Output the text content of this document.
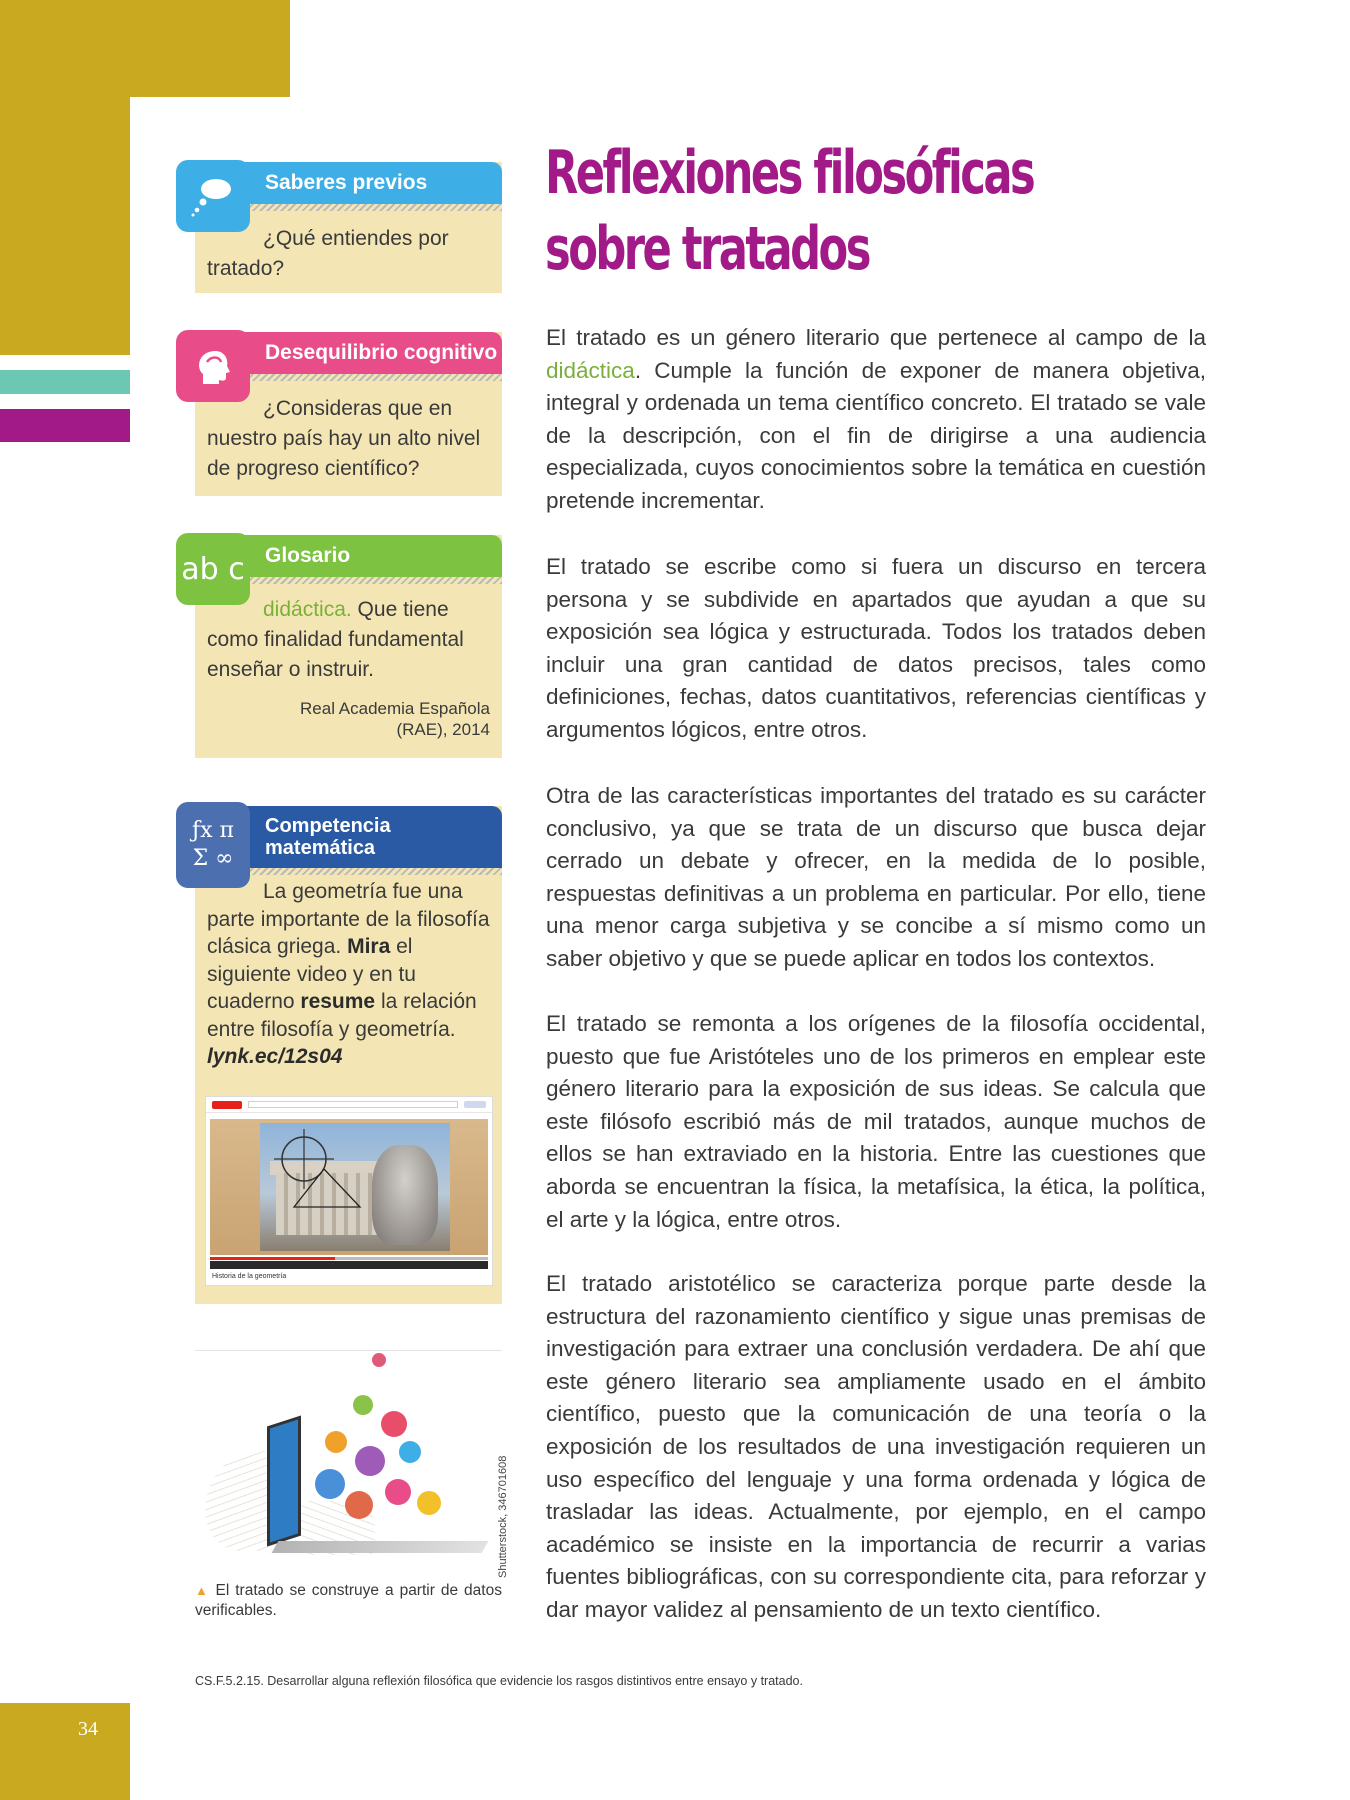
34
Saberes previos
¿Qué entiendes por tratado?
Desequilibrio cognitivo
¿Consideras que en nuestro país hay un alto nivel de progreso científico?
Glosario
ab c
didáctica. Que tiene como finalidad fundamental enseñar o instruir.
Real Academia Española
(RAE), 2014
Competencia
matemática
ƒx π
Σ ∞
La geometría fue una parte importante de la filosofía clásica griega. Mira el siguiente video y en tu cuaderno resume la relación entre filosofía y geometría.
lynk.ec/12s04
Historia de la geometría
Shutterstock, 346701608
▲ El tratado se construye a partir de datos verificables.
Reflexiones filosóficas
sobre tratados

El tratado es un género literario que pertenece al campo de la didáctica. Cumple la función de exponer de manera objetiva, integral y ordenada un tema científico concreto. El tratado se vale de la descripción, con el fin de dirigirse a una audiencia especializada, cuyos conocimientos sobre la temática en cuestión pretende incrementar.

El tratado se escribe como si fuera un discurso en tercera persona y se subdivide en apartados que ayudan a que su exposición sea lógica y estructurada. Todos los tratados deben incluir una gran cantidad de datos precisos, tales como definiciones, fechas, datos cuantitativos, referencias científicas y argumentos lógicos, entre otros.

Otra de las características importantes del tratado es su carácter conclusivo, ya que se trata de un discurso que busca dejar cerrado un debate y ofrecer, en la medida de lo posible, respuestas definitivas a un problema en particular. Por ello, tiene una menor carga subjetiva y se concibe a sí mismo como un saber objetivo y que se puede aplicar en todos los contextos.

El tratado se remonta a los orígenes de la filosofía occidental, puesto que fue Aristóteles uno de los primeros en emplear este género literario para la exposición de sus ideas. Se calcula que este filósofo escribió más de mil tratados, aunque muchos de ellos se han extraviado en la historia. Entre las cuestiones que aborda se encuentran la física, la metafísica, la ética, la política, el arte y la lógica, entre otros.

El tratado aristotélico se caracteriza porque parte desde la estructura del razonamiento científico y sigue unas premisas de investigación para extraer una conclusión verdadera. De ahí que este género literario sea ampliamente usado en el ámbito científico, puesto que la comunicación de una teoría o la exposición de los resultados de una investigación requieren un uso específico del lenguaje y una forma ordenada y lógica de trasladar las ideas. Actualmente, por ejemplo, en el campo académico se insiste en la importancia de recurrir a varias fuentes bibliográficas, con su correspondiente cita, para reforzar y dar mayor validez al pensamiento de un texto científico.

CS.F.5.2.15. Desarrollar alguna reflexión filosófica que evidencie los rasgos distintivos entre ensayo y tratado.
